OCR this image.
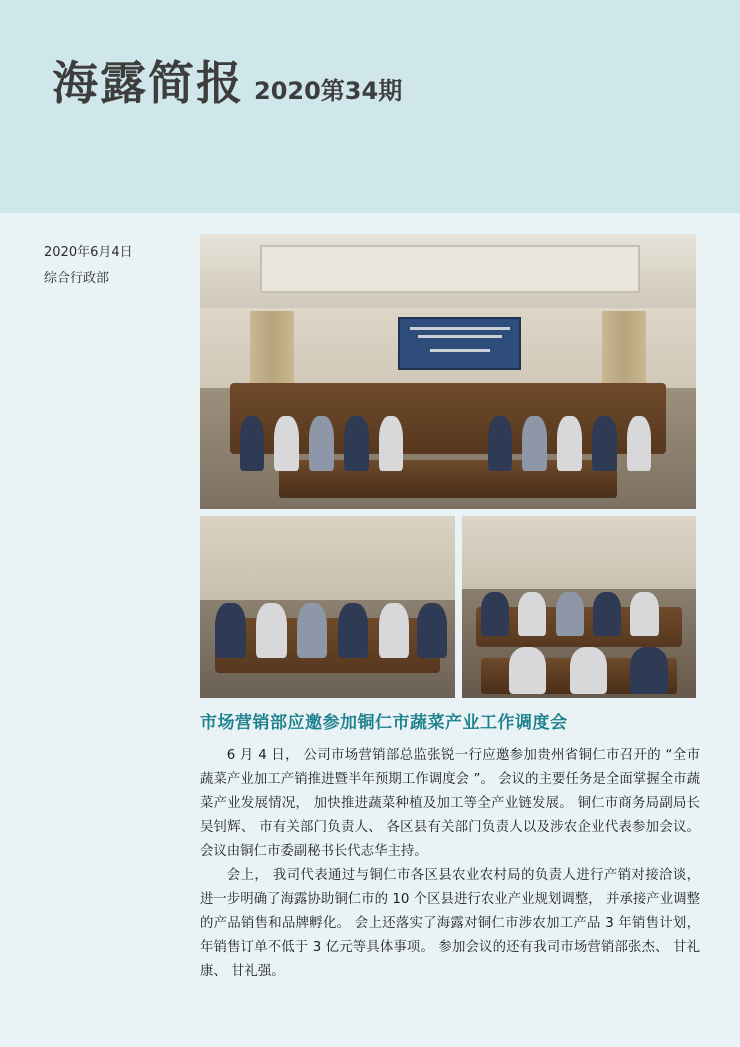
海露简报 2020第34期
2020年6月4日
综合行政部
市场营销部应邀参加铜仁市蔬菜产业工作调度会

6 月 4 日， 公司市场营销部总监张锐一行应邀参加贵州省铜仁市召开的 “全市蔬菜产业加工产销推进暨半年预期工作调度会 ”。 会议的主要任务是全面掌握全市蔬菜产业发展情况， 加快推进蔬菜种植及加工等全产业链发展。 铜仁市商务局副局长吴钊辉、 市有关部门负责人、 各区县有关部门负责人以及涉农企业代表参加会议。 会议由铜仁市委副秘书长代志华主持。

会上， 我司代表通过与铜仁市各区县农业农村局的负责人进行产销对接洽谈， 进一步明确了海露协助铜仁市的 10 个区县进行农业产业规划调整， 并承接产业调整的产品销售和品牌孵化。 会上还落实了海露对铜仁市涉农加工产品 3 年销售计划， 年销售订单不低于 3 亿元等具体事项。 参加会议的还有我司市场营销部张杰、 甘礼康、 甘礼强。
